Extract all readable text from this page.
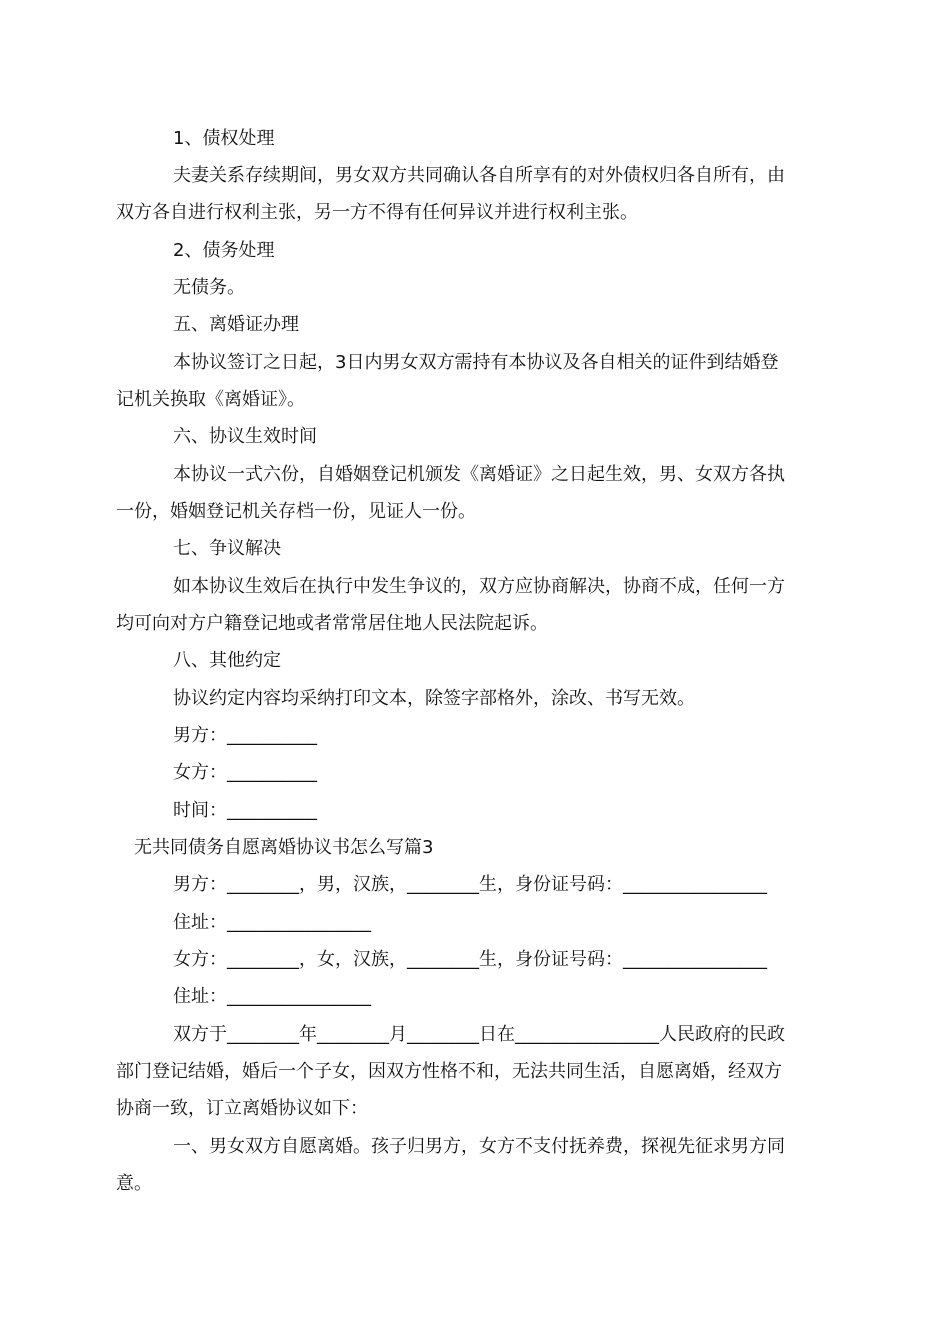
1、债权处理
夫妻关系存续期间，男女双方共同确认各自所享有的对外债权归各自所有，由
双方各自进行权利主张，另一方不得有任何异议并进行权利主张。
2、债务处理
无债务。
五、离婚证办理
本协议签订之日起，3日内男女双方需持有本协议及各自相关的证件到结婚登
记机关换取《离婚证》。
六、协议生效时间
本协议一式六份，自婚姻登记机颁发《离婚证》之日起生效，男、女双方各执
一份，婚姻登记机关存档一份，见证人一份。
七、争议解决
如本协议生效后在执行中发生争议的，双方应协商解决，协商不成，任何一方
均可向对方户籍登记地或者常常居住地人民法院起诉。
八、其他约定
协议约定内容均采纳打印文本，除签字部格外，涂改、书写无效。
男方：__________
女方：__________
时间：__________
无共同债务自愿离婚协议书怎么写篇3
男方：________，男，汉族，________生，身份证号码：________________
住址：________________
女方：________，女，汉族，________生，身份证号码：________________
住址：________________
双方于________年________月________日在________________人民政府的民政
部门登记结婚，婚后一个子女，因双方性格不和，无法共同生活，自愿离婚，经双方
协商一致，订立离婚协议如下：
一、男女双方自愿离婚。孩子归男方，女方不支付抚养费，探视先征求男方同
意。
